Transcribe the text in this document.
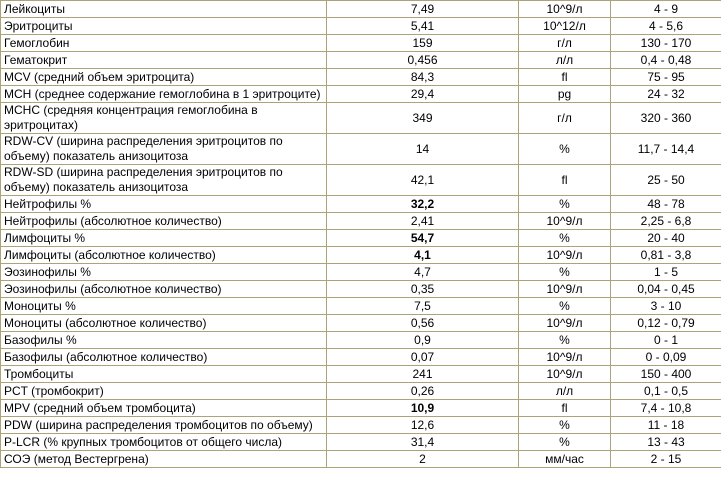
Лейкоциты	7,49	10^9/л	4 - 9
Эритроциты	5,41	10^12/л	4 - 5,6
Гемоглобин	159	г/л	130 - 170
Гематокрит	0,456	л/л	0,4 - 0,48
MCV (средний объем эритроцита)	84,3	fl	75 - 95
MCH (среднее содержание гемоглобина в 1 эритроците)	29,4	pg	24 - 32
MCHC (средняя концентрация гемоглобина в эритроцитах)	349	г/л	320 - 360
RDW-CV (ширина распределения эритроцитов по объему) показатель анизоцитоза	14	%	11,7 - 14,4
RDW-SD (ширина распределения эритроцитов по объему) показатель анизоцитоза	42,1	fl	25 - 50
Нейтрофилы %	32,2	%	48 - 78
Нейтрофилы (абсолютное количество)	2,41	10^9/л	2,25 - 6,8
Лимфоциты %	54,7	%	20 - 40
Лимфоциты (абсолютное количество)	4,1	10^9/л	0,81 - 3,8
Эозинофилы %	4,7	%	1 - 5
Эозинофилы (абсолютное количество)	0,35	10^9/л	0,04 - 0,45
Моноциты %	7,5	%	3 - 10
Моноциты (абсолютное количество)	0,56	10^9/л	0,12 - 0,79
Базофилы %	0,9	%	0 - 1
Базофилы (абсолютное количество)	0,07	10^9/л	0 - 0,09
Тромбоциты	241	10^9/л	150 - 400
PCT (тромбокрит)	0,26	л/л	0,1 - 0,5
MPV (средний объем тромбоцита)	10,9	fl	7,4 - 10,8
PDW (ширина распределения тромбоцитов по объему)	12,6	%	11 - 18
P-LCR (% крупных тромбоцитов от общего числа)	31,4	%	13 - 43
СОЭ (метод Вестергрена)	2	мм/час	2 - 15
